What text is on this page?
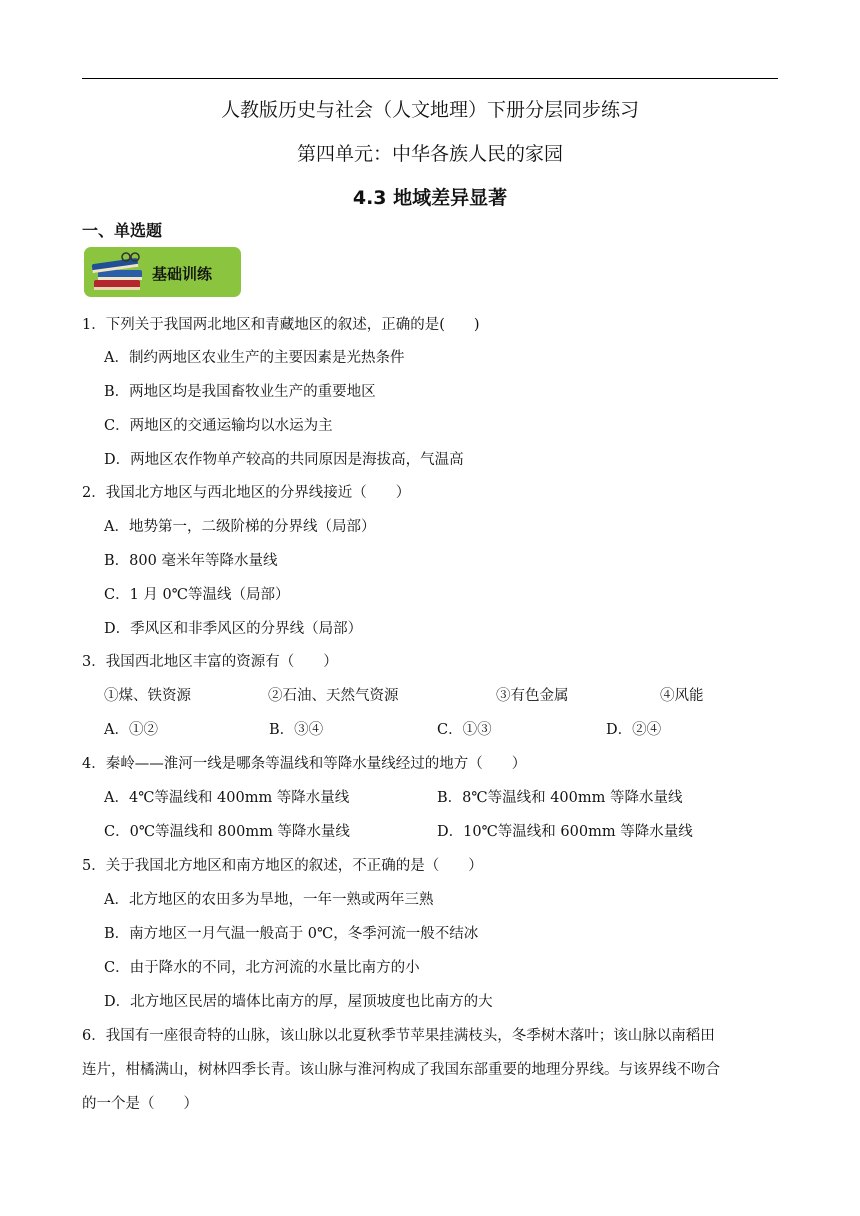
人教版历史与社会（人文地理）下册分层同步练习
第四单元：中华各族人民的家园
4.3 地域差异显著
一、单选题
基础训练
1．下列关于我国两北地区和青藏地区的叙述，正确的是(　　)
A．制约两地区农业生产的主要因素是光热条件
B．两地区均是我国畜牧业生产的重要地区
C．两地区的交通运输均以水运为主
D．两地区农作物单产较高的共同原因是海拔高，气温高
2．我国北方地区与西北地区的分界线接近（　　）
A．地势第一，二级阶梯的分界线（局部）
B．800 毫米年等降水量线
C．1 月 0℃等温线（局部）
D．季风区和非季风区的分界线（局部）
3．我国西北地区丰富的资源有（　　）
①煤、铁资源	②石油、天然气资源	③有色金属	④风能
A．①②	B．③④	C．①③	D．②④
4．秦岭——淮河一线是哪条等温线和等降水量线经过的地方（　　）
A．4℃等温线和 400mm 等降水量线	B．8℃等温线和 400mm 等降水量线
C．0℃等温线和 800mm 等降水量线	D．10℃等温线和 600mm 等降水量线
5．关于我国北方地区和南方地区的叙述，不正确的是（　　）
A．北方地区的农田多为旱地，一年一熟或两年三熟
B．南方地区一月气温一般高于 0℃，冬季河流一般不结冰
C．由于降水的不同，北方河流的水量比南方的小
D．北方地区民居的墙体比南方的厚，屋顶坡度也比南方的大
6．我国有一座很奇特的山脉，该山脉以北夏秋季节苹果挂满枝头，冬季树木落叶；该山脉以南稻田
连片，柑橘满山，树林四季长青。该山脉与淮河构成了我国东部重要的地理分界线。与该界线不吻合
的一个是（　　）
